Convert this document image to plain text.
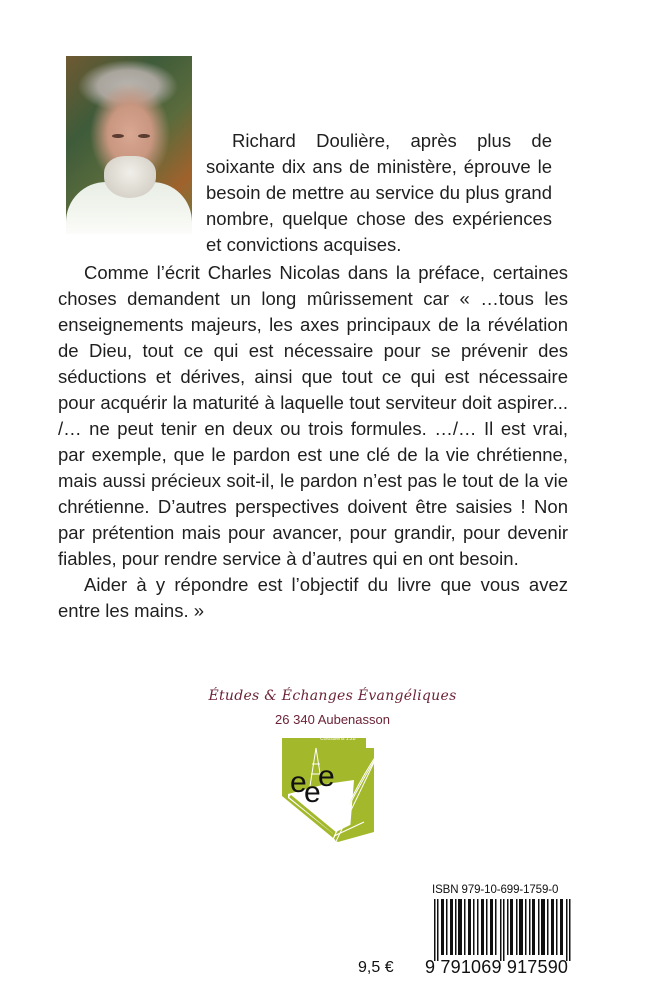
Richard Doulière, après plus de soixante dix ans de ministère, éprouve le besoin de mettre au service du plus grand nombre, quelque chose des expériences et convictions acquises.

Comme l’écrit Charles Nicolas dans la préface, certaines choses demandent un long mûrissement car « …tous les enseignements majeurs, les axes principaux de la révélation de Dieu, tout ce qui est nécessaire pour se prévenir des séductions et dérives, ainsi que tout ce qui est nécessaire pour acquérir la maturité à laquelle tout serviteur doit aspirer... /… ne peut tenir en deux ou trois formules. …/… Il est vrai, par exemple, que le pardon est une clé de la vie chrétienne, mais aussi précieux soit-il, le pardon n’est pas le tout de la vie chrétienne. D’autres perspectives doivent être saisies ! Non par prétention mais pour avancer, pour grandir, pour devenir fiables, pour rendre service à d’autres qui en ont besoin.

Aider à y répondre est l’objectif du livre que vous avez entre les mains. »

Études & Échanges Évangéliques
26 340 Aubenasson
e
e
e
Colossiens 1:28
ISBN 979-10-699-1759-0
9 791069 917590
9,5 €
